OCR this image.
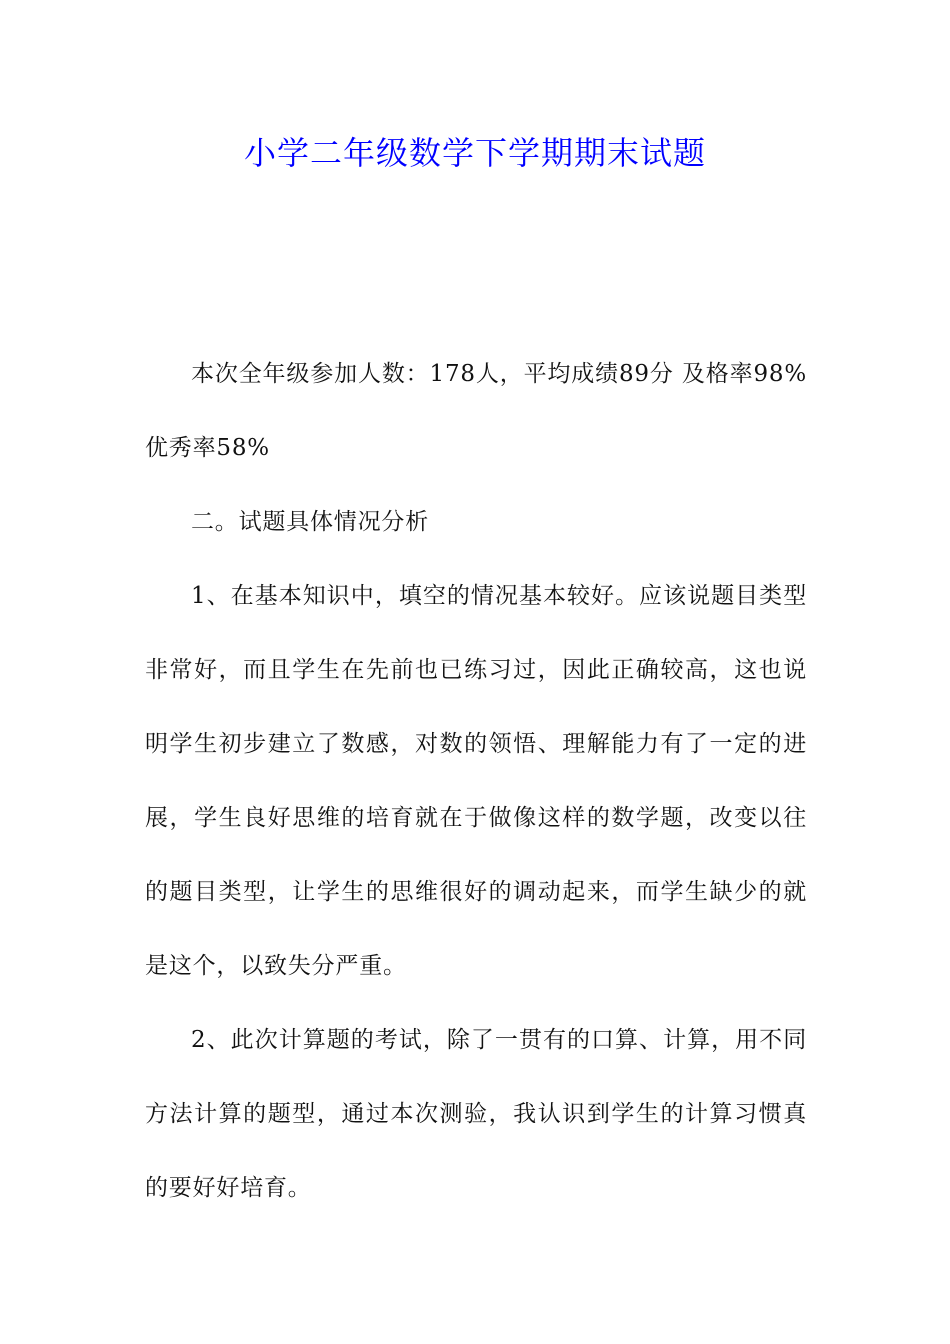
小学二年级数学下学期期末试题

本次全年级参加人数：178人，平均成绩89分 及格率98% 优秀率58%

二。试题具体情况分析

1、在基本知识中，填空的情况基本较好。应该说题目类型非常好，而且学生在先前也已练习过，因此正确较高，这也说明学生初步建立了数感，对数的领悟、理解能力有了一定的进展，学生良好思维的培育就在于做像这样的数学题，改变以往的题目类型，让学生的思维很好的调动起来，而学生缺少的就是这个，以致失分严重。

2、此次计算题的考试，除了一贯有的口算、计算，用不同方法计算的题型，通过本次测验，我认识到学生的计算习惯真的要好好培育。
